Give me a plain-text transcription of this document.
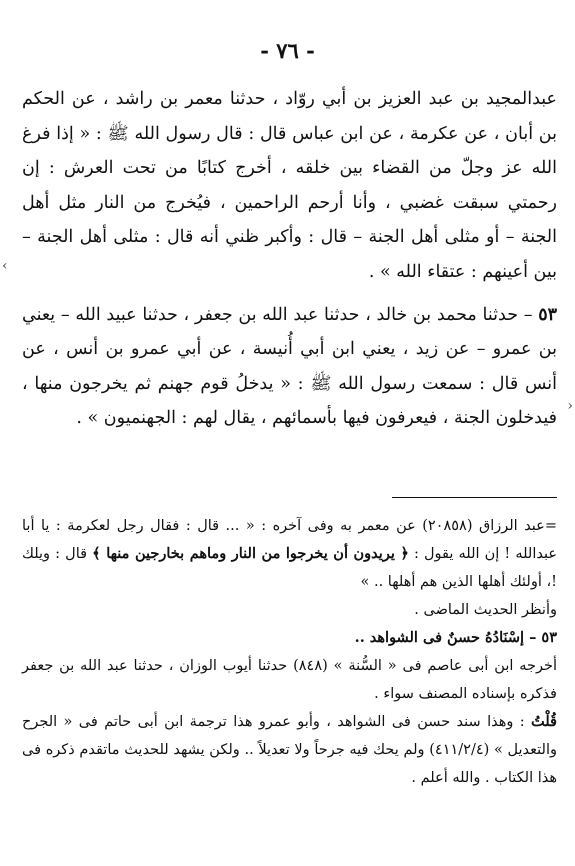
- ٧٦ -
›
‹

عبدالمجيد بن عبد العزيز بن أبي روّاد ، حدثنا معمر بن راشد ، عن الحكم بن أبان ، عن عكرمة ، عن ابن عباس قال : قال رسول الله ﷺ : « إذا فرغ الله عز وجلّ من القضاء بين خلقه ، أخرج كتابًا من تحت العرش : إن رحمتي سبقت غضبي ، وأنا أرحم الراحمين ، فيُخرج من النار مثل أهل الجنة – أو مثلى أهل الجنة – قال : وأكبر ظني أنه قال : مثلى أهل الجنة – بين أعينهم : عتقاء الله » .

٥٣ – حدثنا محمد بن خالد ، حدثنا عبد الله بن جعفر ، حدثنا عبيد الله – يعني بن عمرو – عن زيد ، يعني ابن أبي أُنيسة ، عن أبي عمرو بن أنس ، عن أنس قال : سمعت رسول الله ﷺ : « يدخلُ قوم جهنم ثم يخرجون منها ، فيدخلون الجنة ، فيعرفون فيها بأسمائهم ، يقال لهم : الجهنميون » .

=عبد الرزاق (٢٠٨٥٨) عن معمر به وفى آخره : « ... قال : فقال رجل لعكرمة : يا أبا عبدالله ! إن الله يقول : ﴿ يريدون أن يخرجوا من النار وماهم بخارجين منها ﴾ قال : ويلك !، أولئك أهلها الذين هم أهلها .. »

وأنظر الحديث الماضى .

٥٣ – إسْنَادُهُ حسنٌ فى الشواهد ..

أخرجه ابن أبى عاصم فى « السُّنة » (٨٤٨) حدثنا أيوب الوزان ، حدثنا عبد الله بن جعفر فذكره بإسناده المصنف سواء .

قُلْتُ : وهذا سند حسن فى الشواهد ، وأبو عمرو هذا ترجمة ابن أبى حاتم فى « الجرح والتعديل » (٤١١/٢/٤) ولم يحك فيه جرحاً ولا تعديلاً .. ولكن يشهد للحديث ماتقدم ذكره فى هذا الكتاب . والله أعلم .
